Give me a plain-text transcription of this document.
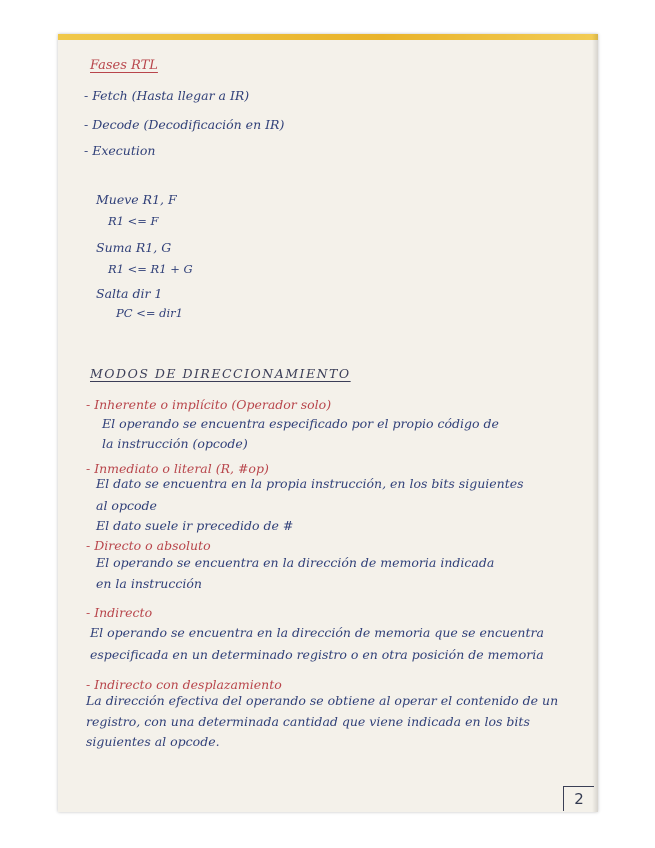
Fases RTL

- Fetch (Hasta llegar a IR)

- Decode (Decodificación en IR)

- Execution

Mueve R1, F

R1 <= F

Suma R1, G

R1 <= R1 + G

Salta dir 1

PC <= dir1

MODOS DE DIRECCIONAMIENTO

- Inherente o implícito (Operador solo)

El operando se encuentra especificado por el propio código de

la instrucción (opcode)

- Inmediato o literal (R, #op)

El dato se encuentra en la propia instrucción, en los bits siguientes

al opcode

El dato suele ir precedido de #

- Directo o absoluto

El operando se encuentra en la dirección de memoria indicada

en la instrucción

- Indirecto

El operando se encuentra en la dirección de memoria que se encuentra

especificada en un determinado registro o en otra posición de memoria

- Indirecto con desplazamiento

La dirección efectiva del operando se obtiene al operar el contenido de un

registro, con una determinada cantidad que viene indicada en los bits

siguientes al opcode.

2
